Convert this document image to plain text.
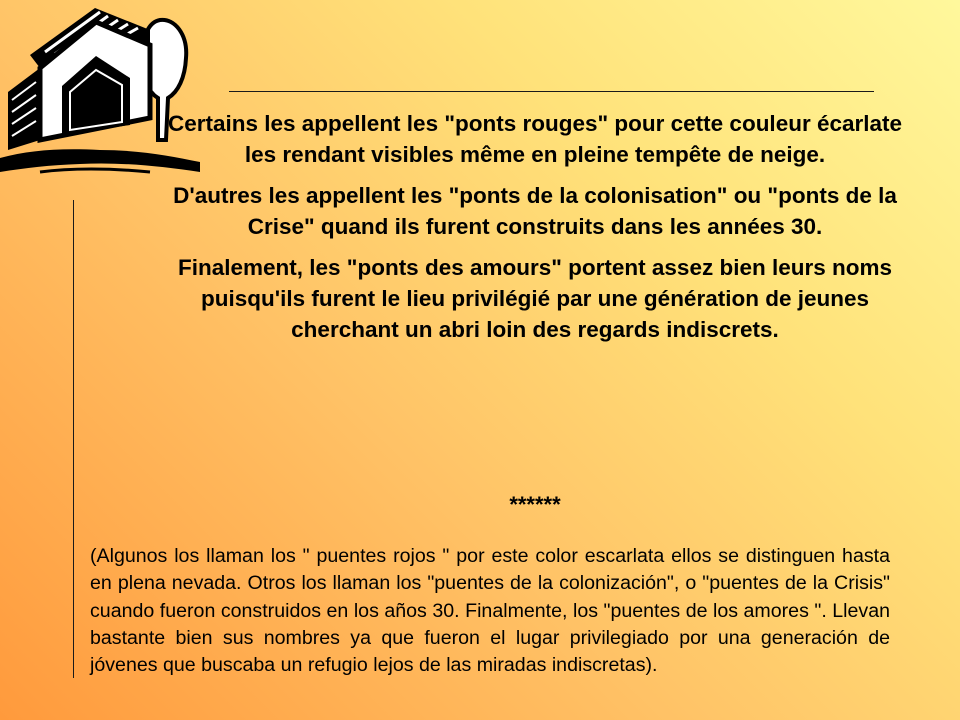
Certains les appellent les "ponts rouges" pour cette couleur écarlate les rendant visibles même en pleine tempête de neige.

D'autres les appellent les "ponts de la colonisation" ou "ponts de la Crise" quand ils furent construits dans les années 30.

Finalement, les "ponts des amours" portent assez bien leurs noms puisqu'ils furent le lieu privilégié par une génération de jeunes cherchant un abri loin des regards indiscrets.

******
(Algunos los llaman los " puentes rojos " por este color escarlata ellos se distinguen hasta en plena nevada. Otros los llaman los "puentes de la colonización", o "puentes de la Crisis" cuando fueron construidos en los años 30. Finalmente, los "puentes de los amores ". Llevan bastante bien sus nombres ya que fueron el lugar privilegiado por una generación de jóvenes que buscaba un refugio lejos de las miradas indiscretas).
